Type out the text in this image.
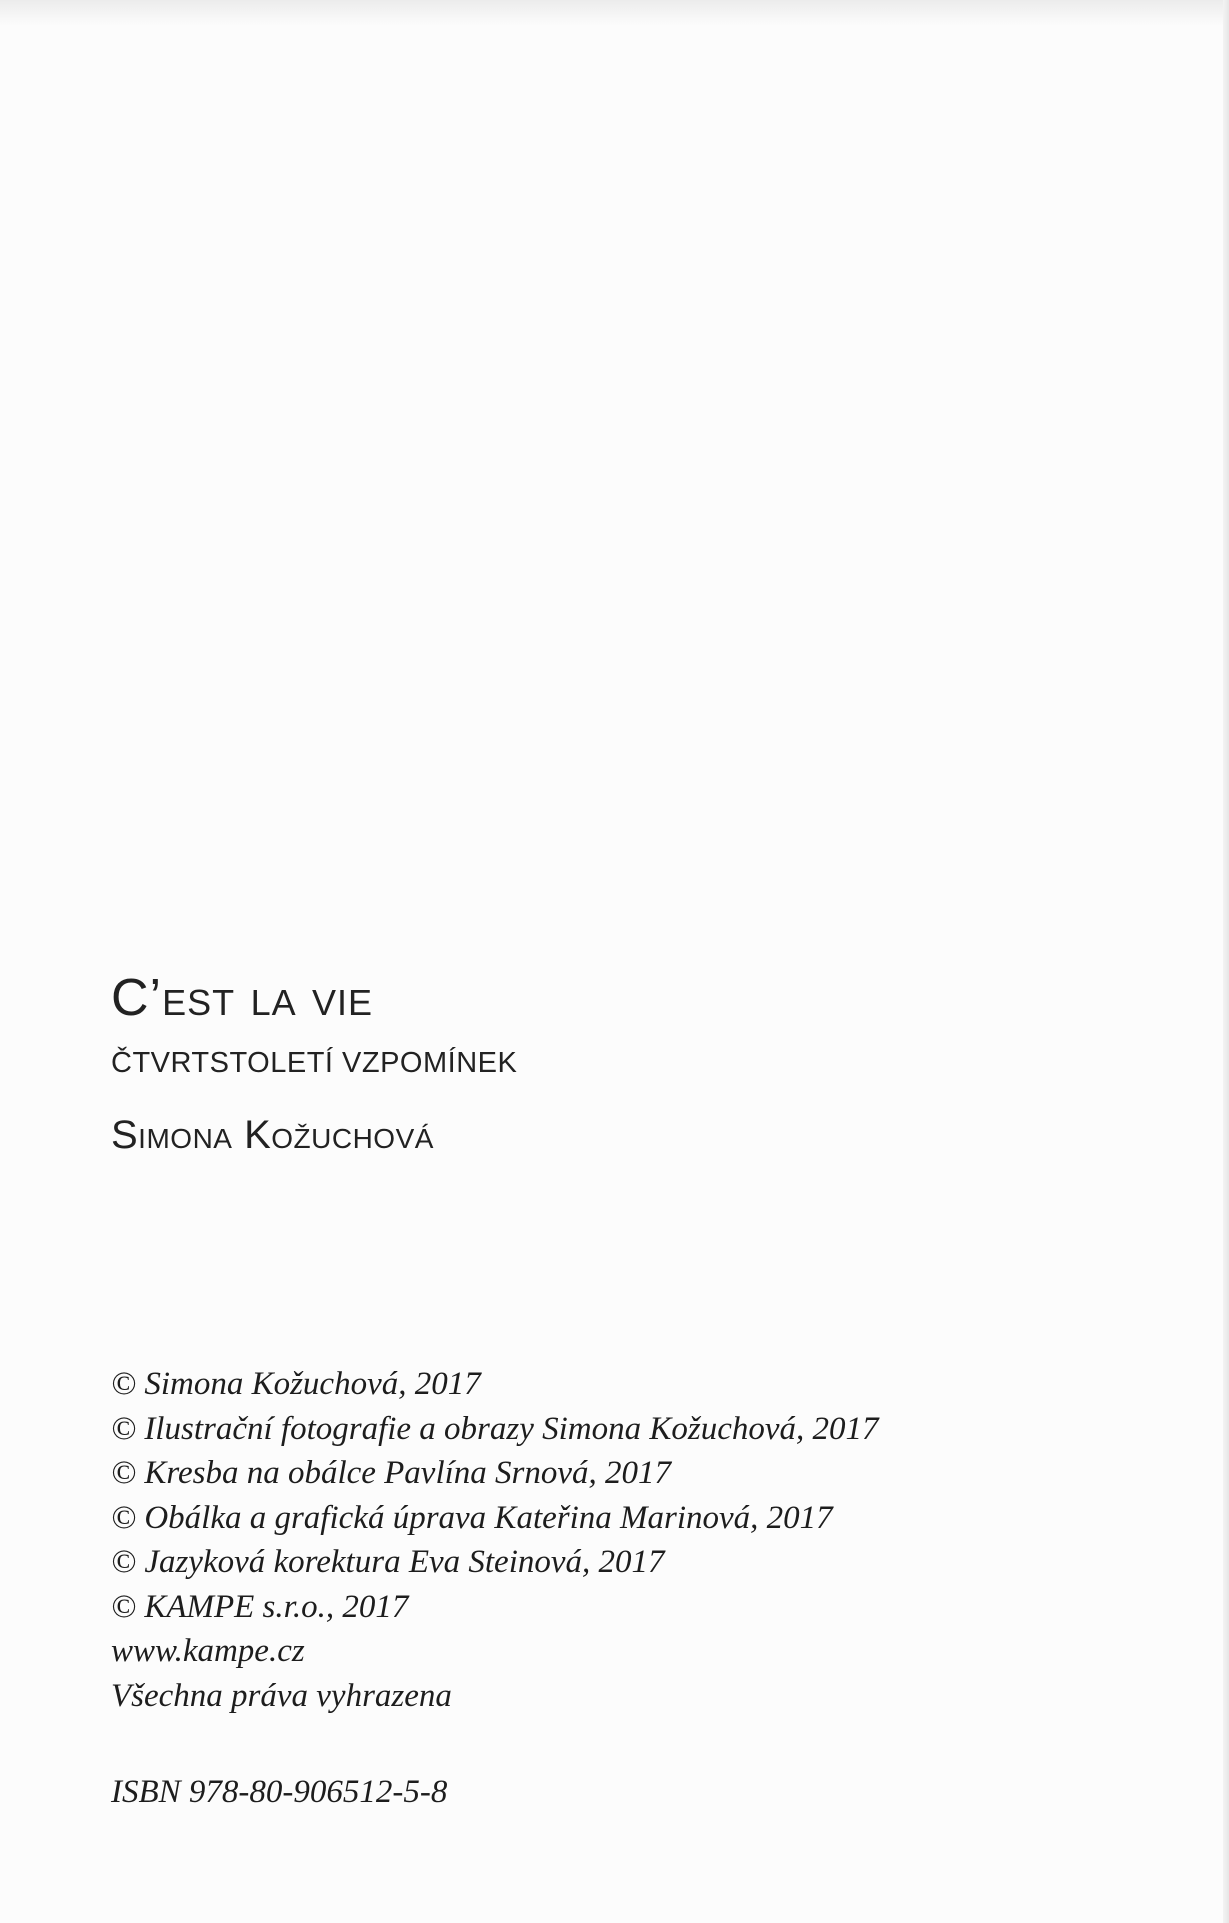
C’est la vie
ČTVRTSTOLETÍ VZPOMÍNEK
Simona Kožuchová
© Simona Kožuchová, 2017
© Ilustrační fotografie a obrazy Simona Kožuchová, 2017
© Kresba na obálce Pavlína Srnová, 2017
© Obálka a grafická úprava Kateřina Marinová, 2017
© Jazyková korektura Eva Steinová, 2017
© KAMPE s.r.o., 2017
www.kampe.cz
Všechna práva vyhrazena
ISBN 978-80-906512-5-8
